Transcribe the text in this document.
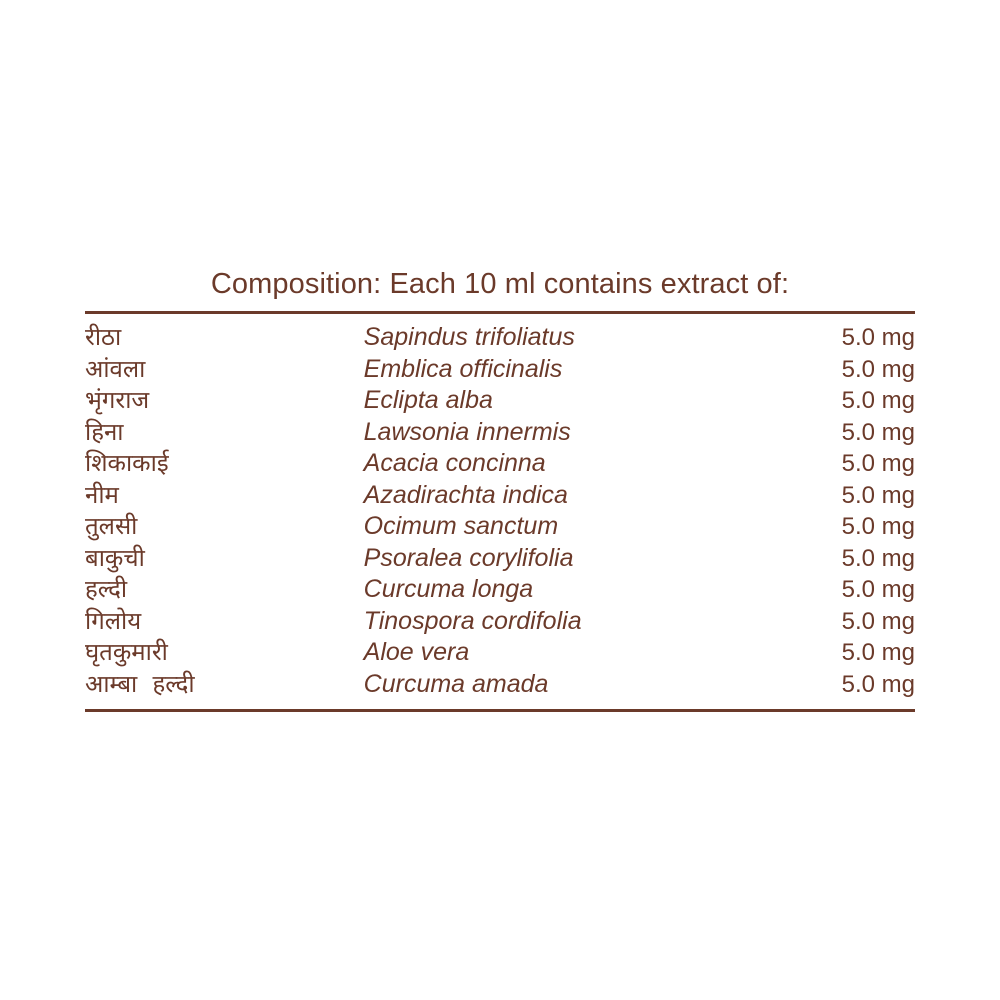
Composition: Each 10 ml contains extract of:
रीठा	Sapindus trifoliatus	5.0 mg
आंवला	Emblica officinalis	5.0 mg
भृंगराज	Eclipta alba	5.0 mg
हिना	Lawsonia innermis	5.0 mg
शिकाकाई	Acacia concinna	5.0 mg
नीम	Azadirachta indica	5.0 mg
तुलसी	Ocimum sanctum	5.0 mg
बाकुची	Psoralea corylifolia	5.0 mg
हल्दी	Curcuma longa	5.0 mg
गिलोय	Tinospora cordifolia	5.0 mg
घृतकुमारी	Aloe vera	5.0 mg
आम्बा  हल्दी	Curcuma amada	5.0 mg
